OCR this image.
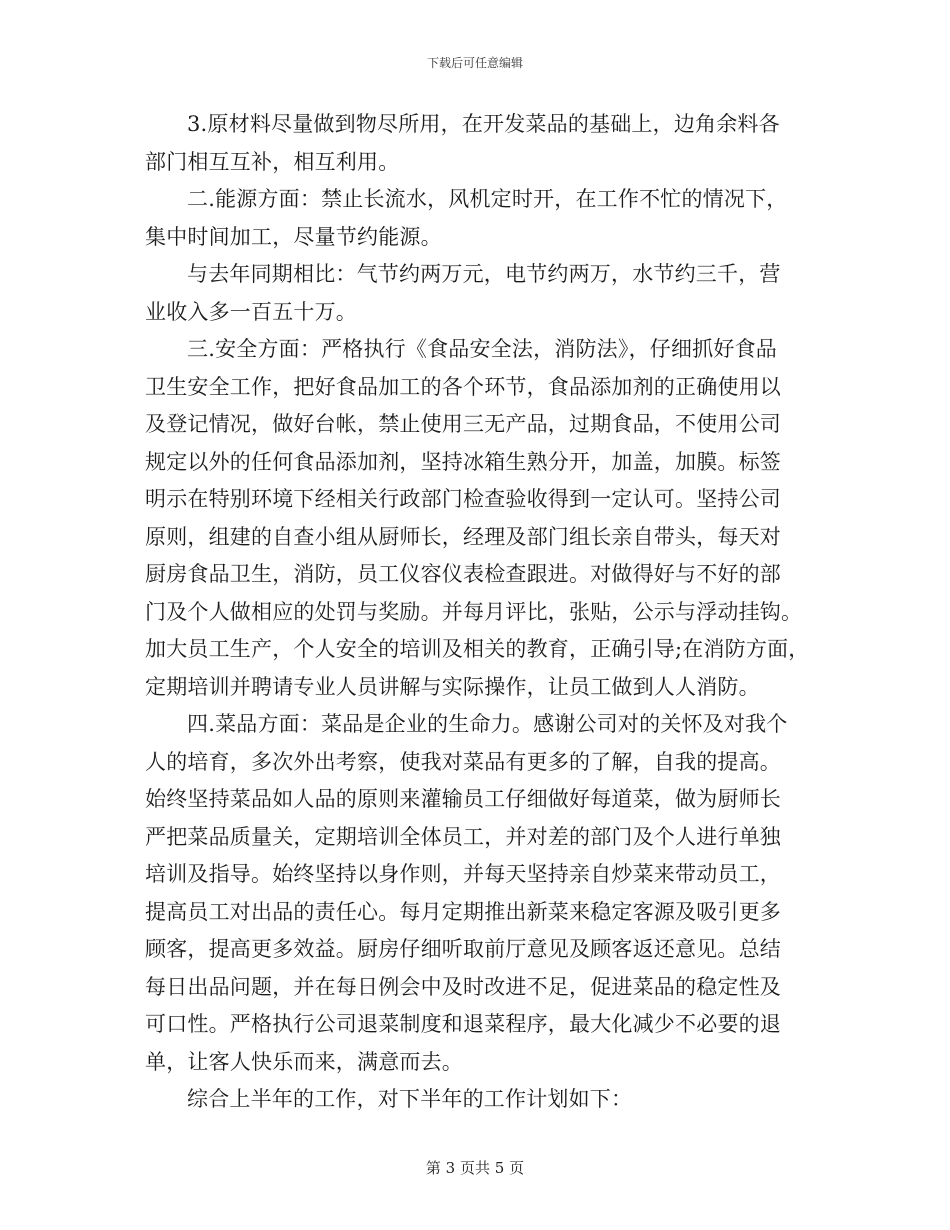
下载后可任意编辑

3.原材料尽量做到物尽所用，在开发菜品的基础上，边角余料各
部门相互互补，相互利用。

二.能源方面：禁止长流水，风机定时开，在工作不忙的情况下，
集中时间加工，尽量节约能源。

与去年同期相比：气节约两万元，电节约两万，水节约三千，营
业收入多一百五十万。

三.安全方面：严格执行《食品安全法，消防法》，仔细抓好食品
卫生安全工作，把好食品加工的各个环节，食品添加剂的正确使用以
及登记情况，做好台帐，禁止使用三无产品，过期食品，不使用公司
规定以外的任何食品添加剂，坚持冰箱生熟分开，加盖，加膜。标签
明示在特别环境下经相关行政部门检查验收得到一定认可。坚持公司
原则，组建的自查小组从厨师长，经理及部门组长亲自带头，每天对
厨房食品卫生，消防，员工仪容仪表检查跟进。对做得好与不好的部
门及个人做相应的处罚与奖励。并每月评比，张贴，公示与浮动挂钩。
加大员工生产，个人安全的培训及相关的教育，正确引导;在消防方面，
定期培训并聘请专业人员讲解与实际操作，让员工做到人人消防。

四.菜品方面：菜品是企业的生命力。感谢公司对的关怀及对我个
人的培育，多次外出考察，使我对菜品有更多的了解，自我的提高。
始终坚持菜品如人品的原则来灌输员工仔细做好每道菜，做为厨师长
严把菜品质量关，定期培训全体员工，并对差的部门及个人进行单独
培训及指导。始终坚持以身作则，并每天坚持亲自炒菜来带动员工，
提高员工对出品的责任心。每月定期推出新菜来稳定客源及吸引更多
顾客，提高更多效益。厨房仔细听取前厅意见及顾客返还意见。总结
每日出品问题，并在每日例会中及时改进不足，促进菜品的稳定性及
可口性。严格执行公司退菜制度和退菜程序，最大化减少不必要的退
单，让客人快乐而来，满意而去。

综合上半年的工作，对下半年的工作计划如下：

第 3 页共 5 页
